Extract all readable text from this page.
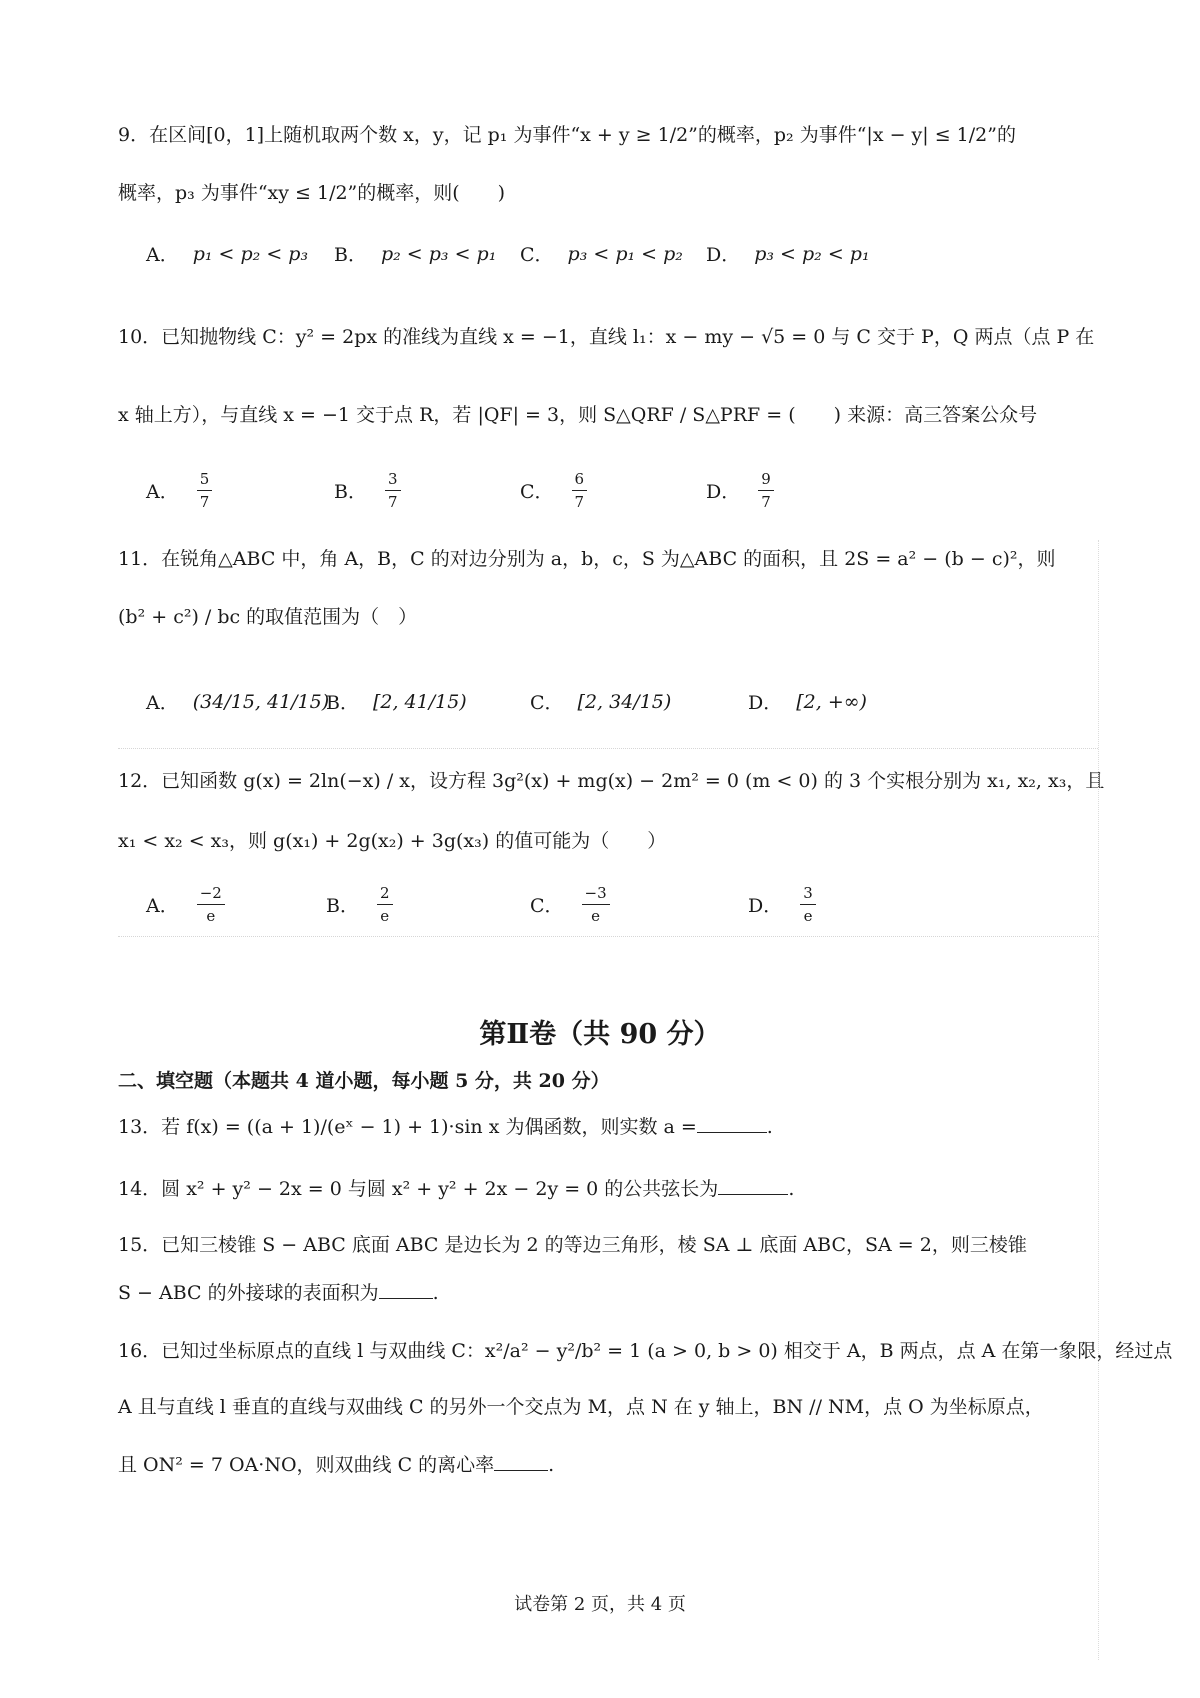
9．在区间[0，1]上随机取两个数 x，y，记 p₁ 为事件“x + y ≥ 1/2”的概率，p₂ 为事件“|x − y| ≤ 1/2”的
概率，p₃ 为事件“xy ≤ 1/2”的概率，则(　　)
A． p₁ < p₂ < p₃ B． p₂ < p₃ < p₁ C． p₃ < p₁ < p₂ D． p₃ < p₂ < p₁
10．已知抛物线 C：y² = 2px 的准线为直线 x = −1，直线 l₁：x − my − √5 = 0 与 C 交于 P，Q 两点（点 P 在
x 轴上方），与直线 x = −1 交于点 R，若 |QF| = 3，则 S△QRF / S△PRF = (　　) 来源：高三答案公众号
A． $\frac{5}{7}$	B． $\frac{3}{7}$	C． $\frac{6}{7}$	D． $\frac{9}{7}$
11．在锐角△ABC 中，角 A，B，C 的对边分别为 a，b，c，S 为△ABC 的面积，且 2S = a² − (b − c)²，则
(b² + c²) / bc 的取值范围为（　）
A． (34/15, 41/15)
B． [2, 41/15)	C． [2, 34/15)	D． [2, +∞)
12．已知函数 g(x) = 2ln(−x) / x，设方程 3g²(x) + mg(x) − 2m² = 0 (m < 0) 的 3 个实根分别为 x₁, x₂, x₃，且
x₁ < x₂ < x₃，则 g(x₁) + 2g(x₂) + 3g(x₃) 的值可能为（　　）
A． $\frac{-2}{e}$	B． $\frac{2}{e}$	C． $\frac{-3}{e}$	D． $\frac{3}{e}$
第Ⅱ卷（共 90 分）
二、填空题（本题共 4 道小题，每小题 5 分，共 20 分）
13．若 f(x) = ((a + 1)/(eˣ − 1) + 1)·sin x 为偶函数，则实数 a =	.
14．圆 x² + y² − 2x = 0 与圆 x² + y² + 2x − 2y = 0 的公共弦长为	.
15．已知三棱锥 S − ABC 底面 ABC 是边长为 2 的等边三角形，棱 SA ⊥ 底面 ABC，SA = 2，则三棱锥
S − ABC 的外接球的表面积为	.
16．已知过坐标原点的直线 l 与双曲线 C：x²/a² − y²/b² = 1 (a > 0, b > 0) 相交于 A，B 两点，点 A 在第一象限，经过点
A 且与直线 l 垂直的直线与双曲线 C 的另外一个交点为 M，点 N 在 y 轴上，BN // NM，点 O 为坐标原点，
且 ON² = 7 OA·NO，则双曲线 C 的离心率	.
试卷第 2 页，共 4 页
